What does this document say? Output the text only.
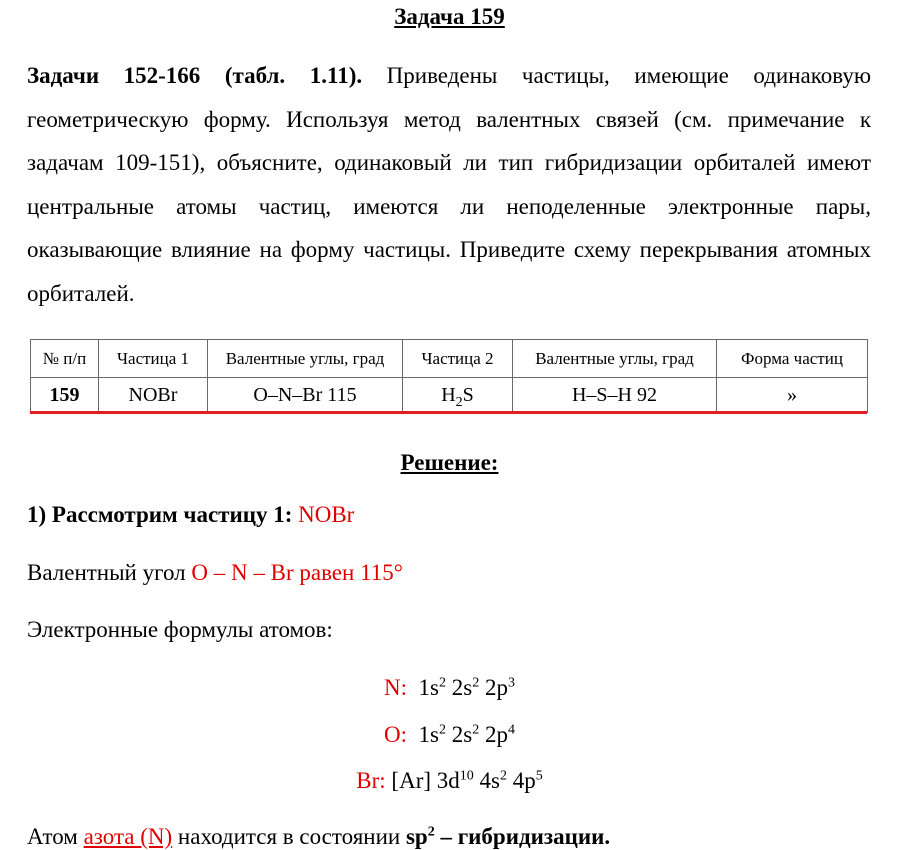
Задача 159
Задачи 152-166 (табл. 1.11). Приведены частицы, имеющие одинаковую геометрическую форму. Используя метод валентных связей (см. примечание к задачам 109-151), объясните, одинаковый ли тип гибридизации орбиталей имеют центральные атомы частиц, имеются ли неподеленные электронные пары, оказывающие влияние на форму частицы. Приведите схему перекрывания атомных орбиталей.
№ п/п	Частица 1	Валентные углы, град	Частица 2	Валентные углы, град	Форма частиц
159	NOBr	O–N–Br 115	$H_2S$	H–S–H 92	»
Решение:
1) Рассмотрим частицу 1: NOBr
Валентный угол O – N – Br равен 115°
Электронные формулы атомов:
N: $1s^2$ $2s^2$ $2p^3$
O: $1s^2$ $2s^2$ $2p^4$
Br: [Ar] $3d^{10}$ $4s^2$ $4p^5$
Атом азота (N) находится в состоянии $sp^2$ – гибридизации.
